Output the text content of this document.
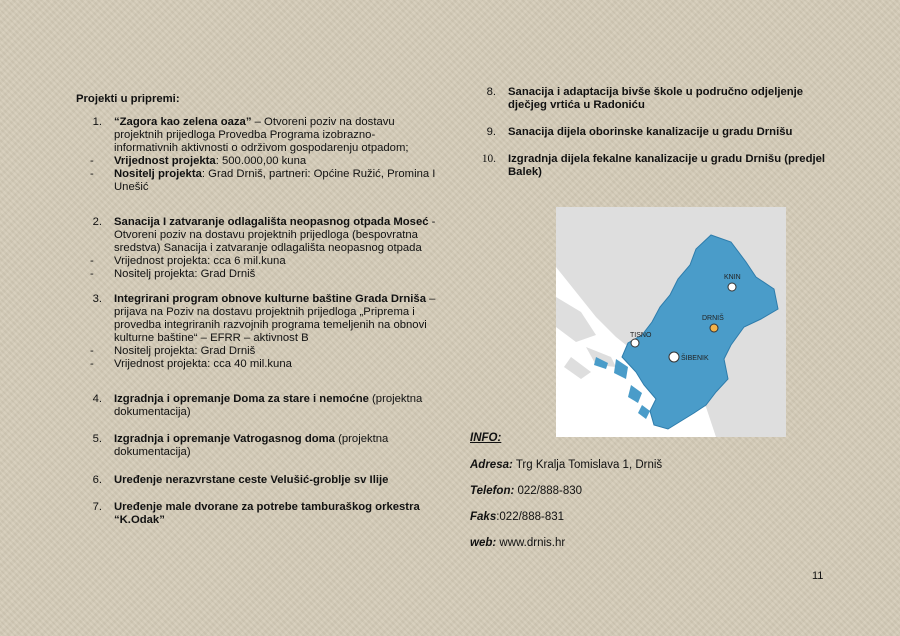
Projekti u pripremi:
1.	“Zagora kao zelena oaza” – Otvoreni poziv na dostavu projektnih prijedloga Provedba Programa izobrazno-informativnih aktivnosti o održivom gospodarenju otpadom;
-	Vrijednost projekta: 500.000,00 kuna
-	Nositelj projekta: Grad Drniš, partneri: Općine Ružić, Promina I Unešić
2.	Sanacija I zatvaranje odlagališta neopasnog otpada Moseć - Otvoreni poziv na dostavu projektnih prijedloga (bespovratna sredstva) Sanacija i zatvaranje odlagališta neopasnog otpada
-	Vrijednost projekta: cca 6 mil.kuna
-	Nositelj projekta: Grad Drniš
3.	Integrirani program obnove kulturne baštine Grada Drniša – prijava na Poziv na dostavu projektnih prijedloga „Priprema i provedba integriranih razvojnih programa temeljenih na obnovi kulturne baštine“ – EFRR – aktivnost B
-	Nositelj projekta: Grad Drniš
-	Vrijednost projekta: cca 40 mil.kuna
4.	Izgradnja i opremanje Doma za stare i nemoćne (projektna dokumentacija)
5.	Izgradnja i opremanje Vatrogasnog doma (projektna dokumentacija)
6.	Uređenje nerazvrstane ceste Velušić-groblje sv Ilije
7.	Uređenje male dvorane za potrebe tamburaškog orkestra “K.Odak”
8.	Sanacija i adaptacija bivše škole u područno odjeljenje dječjeg vrtića u Radoniću
9.	Sanacija dijela oborinske kanalizacije u gradu Drnišu
10.	Izgradnja dijela fekalne kanalizacije u gradu Drnišu (predjel Balek)
KNIN
DRNIŠ
TISNO
ŠIBENIK
INFO:
Adresa: Trg Kralja Tomislava 1, Drniš
Telefon: 022/888-830
Faks:022/888-831
web: www.drnis.hr
11
